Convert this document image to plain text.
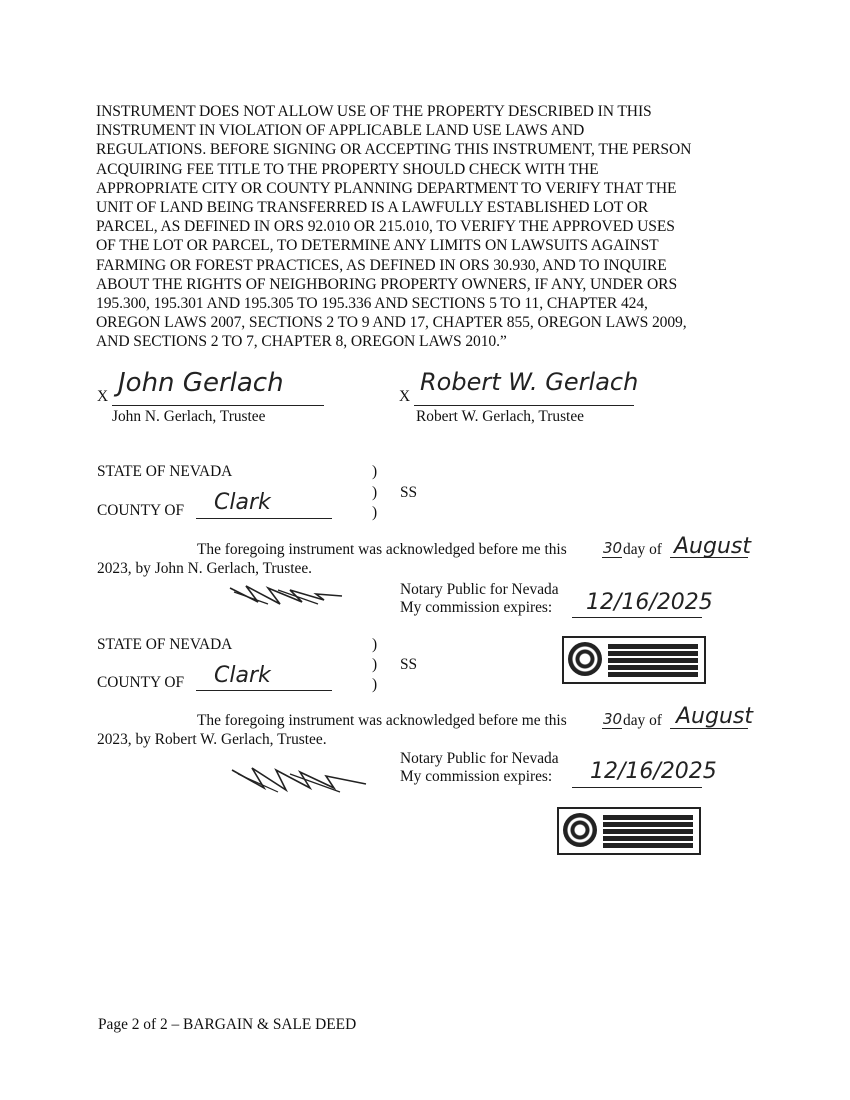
INSTRUMENT DOES NOT ALLOW USE OF THE PROPERTY DESCRIBED IN THIS
INSTRUMENT IN VIOLATION OF APPLICABLE LAND USE LAWS AND
REGULATIONS. BEFORE SIGNING OR ACCEPTING THIS INSTRUMENT, THE PERSON
ACQUIRING FEE TITLE TO THE PROPERTY SHOULD CHECK WITH THE
APPROPRIATE CITY OR COUNTY PLANNING DEPARTMENT TO VERIFY THAT THE
UNIT OF LAND BEING TRANSFERRED IS A LAWFULLY ESTABLISHED LOT OR
PARCEL, AS DEFINED IN ORS 92.010 OR 215.010, TO VERIFY THE APPROVED USES
OF THE LOT OR PARCEL, TO DETERMINE ANY LIMITS ON LAWSUITS AGAINST
FARMING OR FOREST PRACTICES, AS DEFINED IN ORS 30.930, AND TO INQUIRE
ABOUT THE RIGHTS OF NEIGHBORING PROPERTY OWNERS, IF ANY, UNDER ORS
195.300, 195.301 AND 195.305 TO 195.336 AND SECTIONS 5 TO 11, CHAPTER 424,
OREGON LAWS 2007, SECTIONS 2 TO 9 AND 17, CHAPTER 855, OREGON LAWS 2009,
AND SECTIONS 2 TO 7, CHAPTER 8, OREGON LAWS 2010.”
X John Gerlach
John N. Gerlach, Trustee
X
Robert W. Gerlach
Robert W. Gerlach, Trustee
STATE OF NEVADA	)
)
)
SS
COUNTY OF Clark
The foregoing instrument was acknowledged before me this 30 day of August
2023, by John N. Gerlach, Trustee.
Notary Public for Nevada
My commission expires: 12/16/2025
STATE OF NEVADA	)
)
)
SS
COUNTY OF Clark
The foregoing instrument was acknowledged before me this 30 day of August
2023, by Robert W. Gerlach, Trustee.
Notary Public for Nevada
My commission expires: 12/16/2025
Page 2 of 2 – BARGAIN & SALE DEED
